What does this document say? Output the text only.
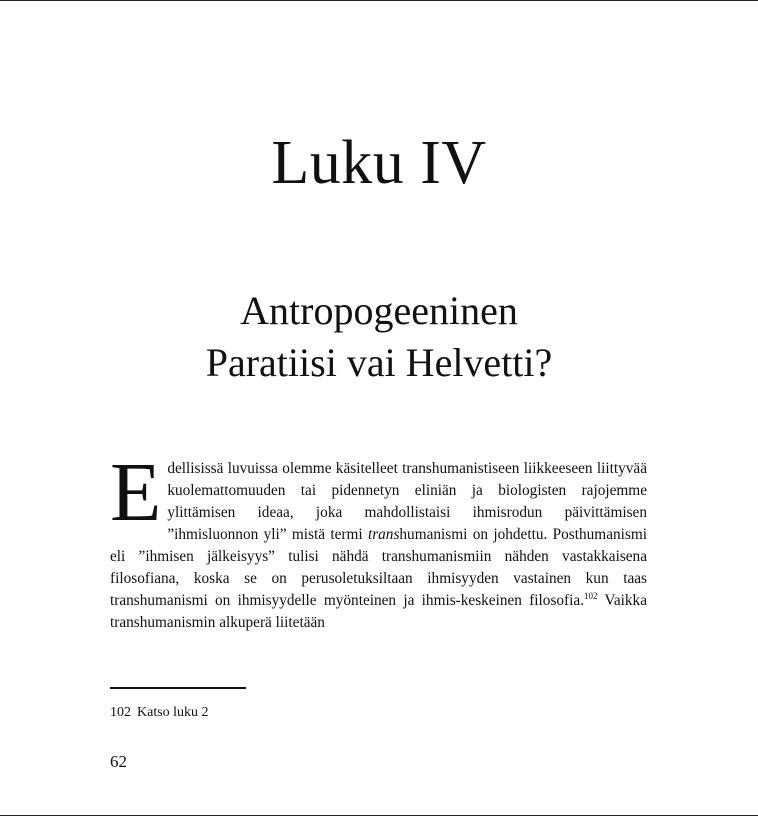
Luku IV
Antropogeeninen
Paratiisi vai Helvetti?

Edellisissä luvuissa olemme käsitelleet transhumanistiseen liikkeeseen liittyvää kuolemattomuuden tai pidennetyn eliniän ja biologisten rajojemme ylittämisen ideaa, joka mahdollistaisi ihmisrodun päivittämisen ”ihmisluonnon yli” mistä termi transhumanismi on johdettu. Posthumanismi eli ”ihmisen jälkeisyys” tulisi nähdä transhumanismiin nähden vastakkaisena filosofiana, koska se on perusoletuksiltaan ihmisyyden vastainen kun taas transhumanismi on ihmisyydelle myönteinen ja ihmis-keskeinen filosofia.$^{102}$ Vaikka transhumanismin alkuperä liitetään

102 Katso luku 2
62
